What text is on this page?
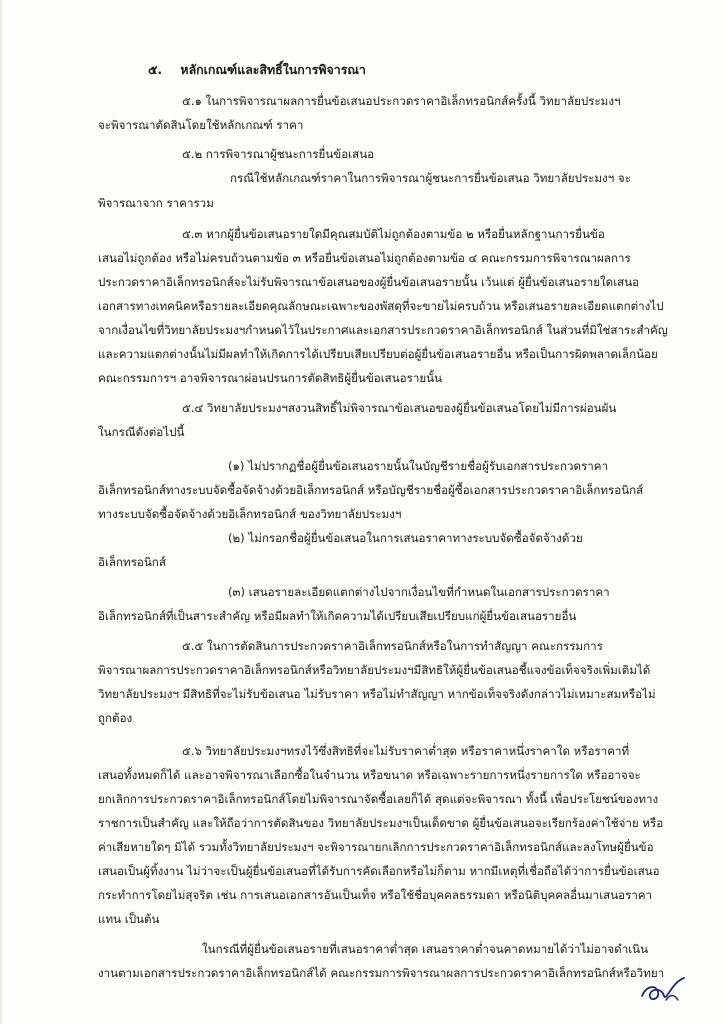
๕. หลักเกณฑ์และสิทธิ์ในการพิจารณา
๕.๑ ในการพิจารณาผลการยื่นข้อเสนอประกวดราคาอิเล็กทรอนิกส์ครั้งนี้ วิทยาลัยประมงฯ
จะพิจารณาตัดสินโดยใช้หลักเกณฑ์ ราคา
๕.๒ การพิจารณาผู้ชนะการยื่นข้อเสนอ
กรณีใช้หลักเกณฑ์ราคาในการพิจารณาผู้ชนะการยื่นข้อเสนอ วิทยาลัยประมงฯ จะ
พิจารณาจาก ราคารวม
๕.๓ หากผู้ยื่นข้อเสนอรายใดมีคุณสมบัติไม่ถูกต้องตามข้อ ๒ หรือยื่นหลักฐานการยื่นข้อ
เสนอไม่ถูกต้อง หรือไม่ครบถ้วนตามข้อ ๓ หรือยื่นข้อเสนอไม่ถูกต้องตามข้อ ๔ คณะกรรมการพิจารณาผลการ
ประกวดราคาอิเล็กทรอนิกส์จะไม่รับพิจารณาข้อเสนอของผู้ยื่นข้อเสนอรายนั้น เว้นแต่ ผู้ยื่นข้อเสนอรายใดเสนอ
เอกสารทางเทคนิคหรือรายละเอียดคุณลักษณะเฉพาะของพัสดุที่จะขายไม่ครบถ้วน หรือเสนอรายละเอียดแตกต่างไป
จากเงื่อนไขที่วิทยาลัยประมงฯกำหนดไว้ในประกาศและเอกสารประกวดราคาอิเล็กทรอนิกส์ ในส่วนที่มิใช่สาระสำคัญ
และความแตกต่างนั้นไม่มีผลทำให้เกิดการได้เปรียบเสียเปรียบต่อผู้ยื่นข้อเสนอรายอื่น หรือเป็นการผิดพลาดเล็กน้อย
คณะกรรมการฯ อาจพิจารณาผ่อนปรนการตัดสิทธิผู้ยื่นข้อเสนอรายนั้น
๕.๔ วิทยาลัยประมงฯสงวนสิทธิ์ไม่พิจารณาข้อเสนอของผู้ยื่นข้อเสนอโดยไม่มีการผ่อนผัน
ในกรณีดังต่อไปนี้
(๑) ไม่ปรากฏชื่อผู้ยื่นข้อเสนอรายนั้นในบัญชีรายชื่อผู้รับเอกสารประกวดราคา
อิเล็กทรอนิกส์ทางระบบจัดซื้อจัดจ้างด้วยอิเล็กทรอนิกส์ หรือบัญชีรายชื่อผู้ซื้อเอกสารประกวดราคาอิเล็กทรอนิกส์
ทางระบบจัดซื้อจัดจ้างด้วยอิเล็กทรอนิกส์ ของวิทยาลัยประมงฯ
(๒) ไม่กรอกชื่อผู้ยื่นข้อเสนอในการเสนอราคาทางระบบจัดซื้อจัดจ้างด้วย
อิเล็กทรอนิกส์
(๓) เสนอรายละเอียดแตกต่างไปจากเงื่อนไขที่กำหนดในเอกสารประกวดราคา
อิเล็กทรอนิกส์ที่เป็นสาระสำคัญ หรือมีผลทำให้เกิดความได้เปรียบเสียเปรียบแก่ผู้ยื่นข้อเสนอรายอื่น
๕.๕ ในการตัดสินการประกวดราคาอิเล็กทรอนิกส์หรือในการทำสัญญา คณะกรรมการ
พิจารณาผลการประกวดราคาอิเล็กทรอนิกส์หรือวิทยาลัยประมงฯมีสิทธิให้ผู้ยื่นข้อเสนอชี้แจงข้อเท็จจริงเพิ่มเติมได้
วิทยาลัยประมงฯ มีสิทธิที่จะไม่รับข้อเสนอ ไม่รับราคา หรือไม่ทำสัญญา หากข้อเท็จจริงดังกล่าวไม่เหมาะสมหรือไม่
ถูกต้อง
๕.๖ วิทยาลัยประมงฯทรงไว้ซึ่งสิทธิที่จะไม่รับราคาต่ำสุด หรือราคาหนึ่งราคาใด หรือราคาที่
เสนอทั้งหมดก็ได้ และอาจพิจารณาเลือกซื้อในจำนวน หรือขนาด หรือเฉพาะรายการหนึ่งรายการใด หรืออาจจะ
ยกเลิกการประกวดราคาอิเล็กทรอนิกส์โดยไม่พิจารณาจัดซื้อเลยก็ได้ สุดแต่จะพิจารณา ทั้งนี้ เพื่อประโยชน์ของทาง
ราชการเป็นสำคัญ และให้ถือว่าการตัดสินของ วิทยาลัยประมงฯเป็นเด็ดขาด ผู้ยื่นข้อเสนอจะเรียกร้องค่าใช้จ่าย หรือ
ค่าเสียหายใดๆ มิได้ รวมทั้งวิทยาลัยประมงฯ จะพิจารณายกเลิกการประกวดราคาอิเล็กทรอนิกส์และลงโทษผู้ยื่นข้อ
เสนอเป็นผู้ทิ้งงาน ไม่ว่าจะเป็นผู้ยื่นข้อเสนอที่ได้รับการคัดเลือกหรือไม่ก็ตาม หากมีเหตุที่เชื่อถือได้ว่าการยื่นข้อเสนอ
กระทำการโดยไม่สุจริต เช่น การเสนอเอกสารอันเป็นเท็จ หรือใช้ชื่อบุคคลธรรมดา หรือนิติบุคคลอื่นมาเสนอราคา
แทน เป็นต้น
ในกรณีที่ผู้ยื่นข้อเสนอรายที่เสนอราคาต่ำสุด เสนอราคาต่ำจนคาดหมายได้ว่าไม่อาจดำเนิน
งานตามเอกสารประกวดราคาอิเล็กทรอนิกส์ได้ คณะกรรมการพิจารณาผลการประกวดราคาอิเล็กทรอนิกส์หรือวิทยา
